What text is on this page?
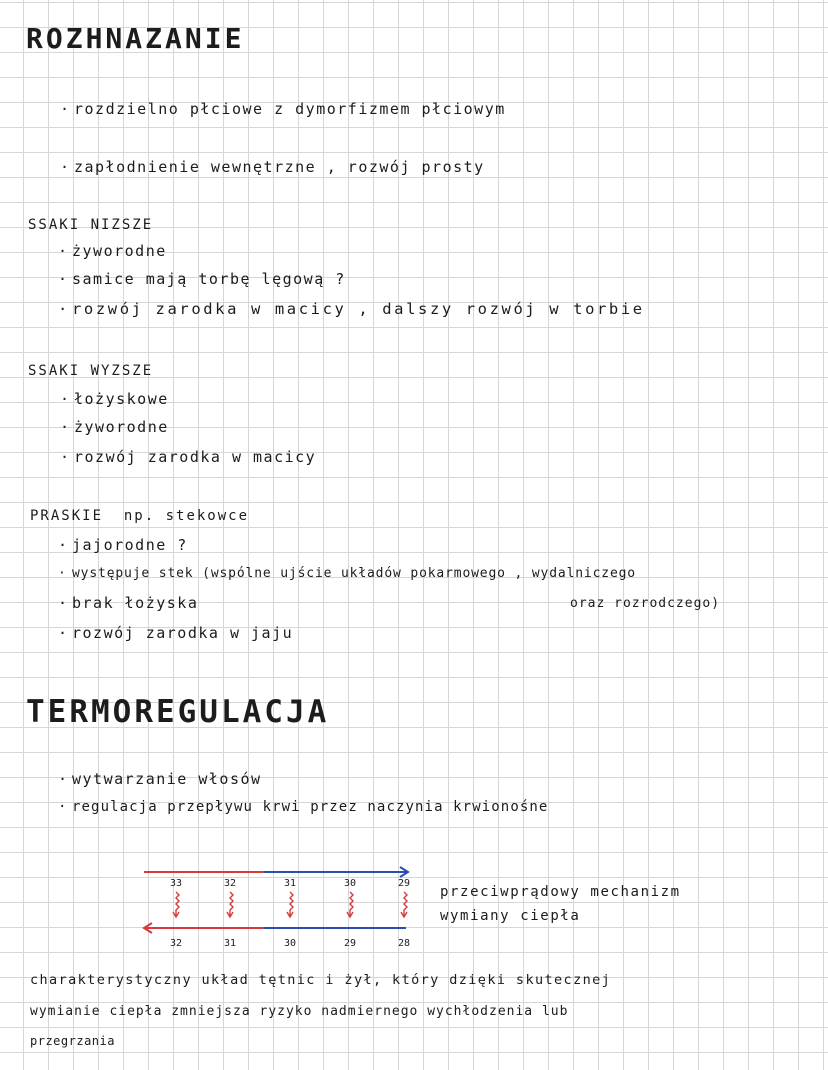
ROZHNAZANIE
· rozdzielno płciowe z dymorfizmem płciowym
· zapłodnienie wewnętrzne , rozwój prosty
SSAKI NIZSZE
· żyworodne
· samice mają torbę lęgową ?
· rozwój zarodka w macicy , dalszy rozwój w torbie
SSAKI WYZSZE
· łożyskowe
· żyworodne
· rozwój zarodka w macicy
PRASKIE np. stekowce
· jajorodne ?
· występuje stek (wspólne ujście układów pokarmowego , wydalniczego
· brak łożyska	oraz rozrodczego)
· rozwój zarodka w jaju
TERMOREGULACJA
· wytwarzanie włosów
· regulacja przepływu krwi przez naczynia krwionośne
33	32	31	30	29
32	31	30	29	28
przeciwprądowy mechanizm
wymiany ciepła
charakterystyczny układ tętnic i żył, który dzięki skutecznej
wymianie ciepła zmniejsza ryzyko nadmiernego wychłodzenia lub
przegrzania
